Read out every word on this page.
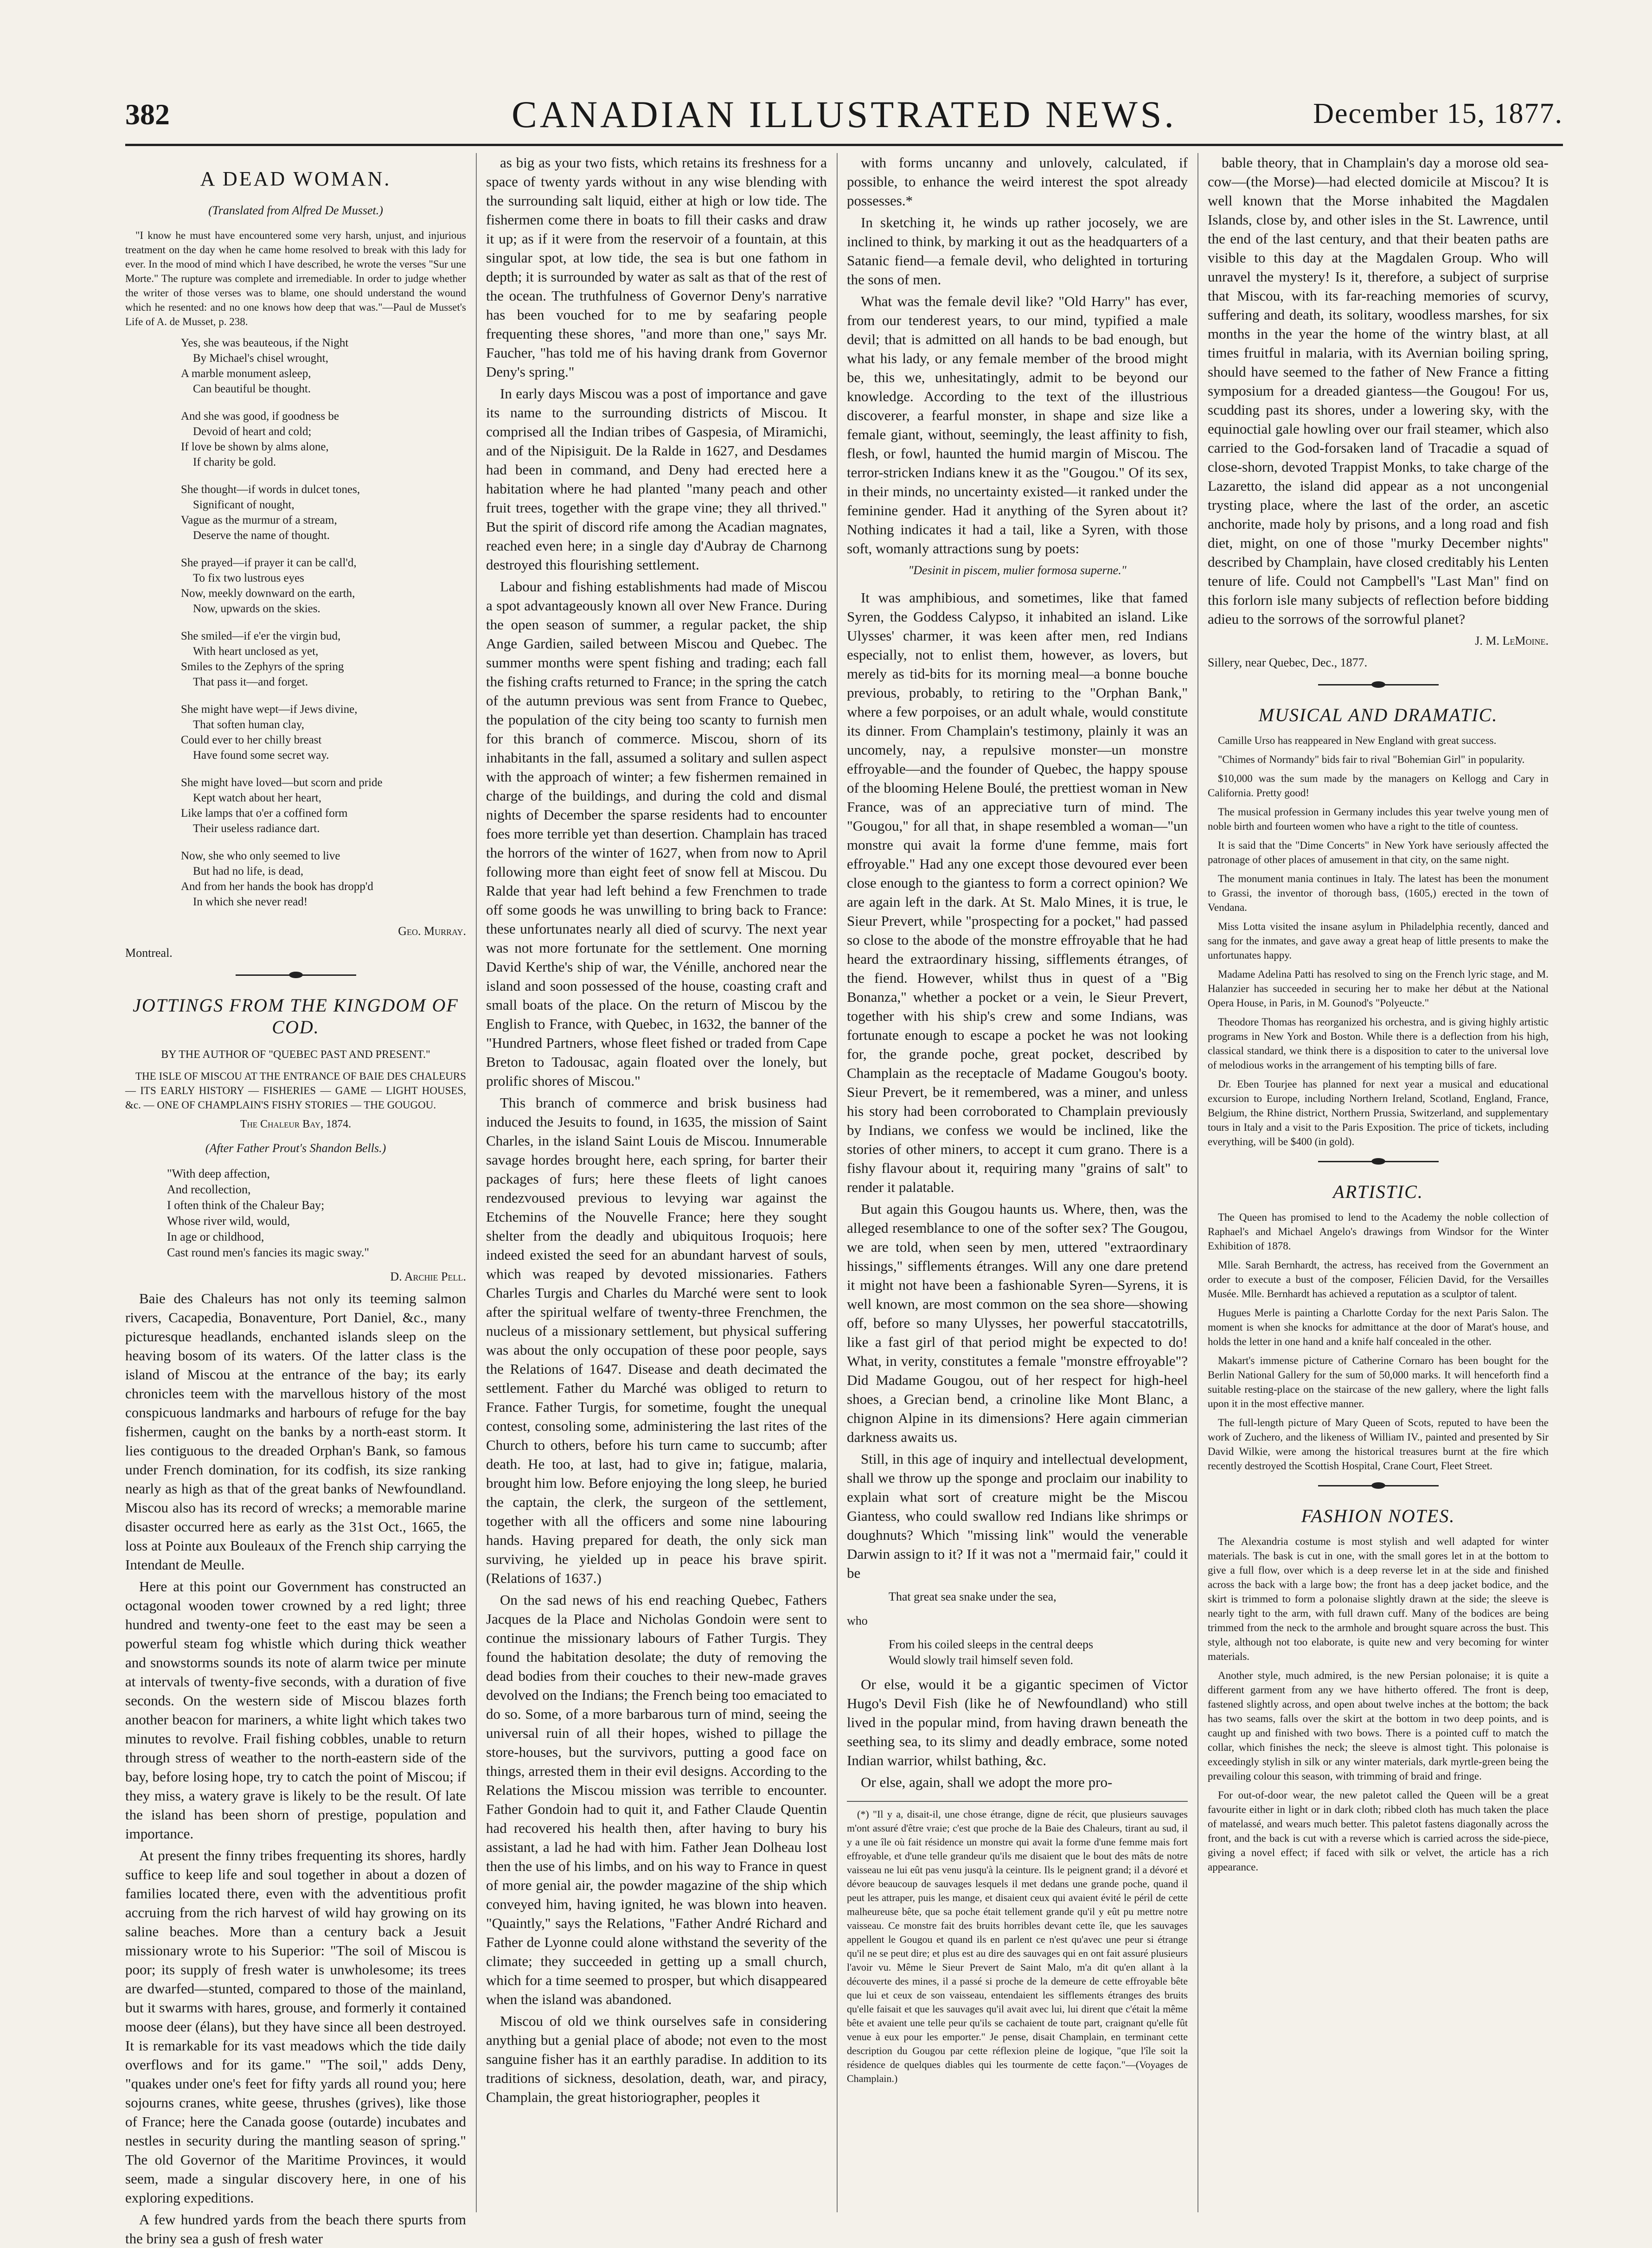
CANADIAN ILLUSTRATED NEWS.
382	December 15, 1877.
A DEAD WOMAN.

(Translated from Alfred De Musset.)

"I know he must have encountered some very harsh, unjust, and injurious treatment on the day when he came home resolved to break with this lady for ever. In the mood of mind which I have described, he wrote the verses "Sur une Morte." The rupture was complete and irremediable. In order to judge whether the writer of those verses was to blame, one should understand the wound which he resented: and no one knows how deep that was."—Paul de Musset's Life of A. de Musset, p. 238.

Yes, she was beauteous, if the Night
By Michael's chisel wrought,
A marble monument asleep,
Can beautiful be thought.
And she was good, if goodness be
Devoid of heart and cold;
If love be shown by alms alone,
If charity be gold.
She thought—if words in dulcet tones,
Significant of nought,
Vague as the murmur of a stream,
Deserve the name of thought.
She prayed—if prayer it can be call'd,
To fix two lustrous eyes
Now, meekly downward on the earth,
Now, upwards on the skies.
She smiled—if e'er the virgin bud,
With heart unclosed as yet,
Smiles to the Zephyrs of the spring
That pass it—and forget.
She might have wept—if Jews divine,
That soften human clay,
Could ever to her chilly breast
Have found some secret way.
She might have loved—but scorn and pride
Kept watch about her heart,
Like lamps that o'er a coffined form
Their useless radiance dart.
Now, she who only seemed to live
But had no life, is dead,
And from her hands the book has dropp'd
In which she never read!

Geo. Murray.

Montreal.

JOTTINGS FROM THE KINGDOM OF COD.

BY THE AUTHOR OF "QUEBEC PAST AND PRESENT."

THE ISLE OF MISCOU AT THE ENTRANCE OF BAIE DES CHALEURS — ITS EARLY HISTORY — FISHERIES — GAME — LIGHT HOUSES, &c. — ONE OF CHAMPLAIN'S FISHY STORIES — THE GOUGOU.

The Chaleur Bay, 1874.

(After Father Prout's Shandon Bells.)

"With deep affection,
And recollection,
I often think of the Chaleur Bay;
Whose river wild, would,
In age or childhood,
Cast round men's fancies its magic sway."

D. Archie Pell.

Baie des Chaleurs has not only its teeming salmon rivers, Cacapedia, Bonaventure, Port Daniel, &c., many picturesque headlands, enchanted islands sleep on the heaving bosom of its waters. Of the latter class is the island of Miscou at the entrance of the bay; its early chronicles teem with the marvellous history of the most conspicuous landmarks and harbours of refuge for the bay fishermen, caught on the banks by a north-east storm. It lies contiguous to the dreaded Orphan's Bank, so famous under French domination, for its codfish, its size ranking nearly as high as that of the great banks of Newfoundland. Miscou also has its record of wrecks; a memorable marine disaster occurred here as early as the 31st Oct., 1665, the loss at Pointe aux Bouleaux of the French ship carrying the Intendant de Meulle.

Here at this point our Government has constructed an octagonal wooden tower crowned by a red light; three hundred and twenty-one feet to the east may be seen a powerful steam fog whistle which during thick weather and snowstorms sounds its note of alarm twice per minute at intervals of twenty-five seconds, with a duration of five seconds. On the western side of Miscou blazes forth another beacon for mariners, a white light which takes two minutes to revolve. Frail fishing cobbles, unable to return through stress of weather to the north-eastern side of the bay, before losing hope, try to catch the point of Miscou; if they miss, a watery grave is likely to be the result. Of late the island has been shorn of prestige, population and importance.

At present the finny tribes frequenting its shores, hardly suffice to keep life and soul together in about a dozen of families located there, even with the adventitious profit accruing from the rich harvest of wild hay growing on its saline beaches. More than a century back a Jesuit missionary wrote to his Superior: "The soil of Miscou is poor; its supply of fresh water is unwholesome; its trees are dwarfed—stunted, compared to those of the mainland, but it swarms with hares, grouse, and formerly it contained moose deer (élans), but they have since all been destroyed. It is remarkable for its vast meadows which the tide daily overflows and for its game." "The soil," adds Deny, "quakes under one's feet for fifty yards all round you; here sojourns cranes, white geese, thrushes (grives), like those of France; here the Canada goose (outarde) incubates and nestles in security during the mantling season of spring." The old Governor of the Maritime Provinces, it would seem, made a singular discovery here, in one of his exploring expeditions.

A few hundred yards from the beach there spurts from the briny sea a gush of fresh water

as big as your two fists, which retains its freshness for a space of twenty yards without in any wise blending with the surrounding salt liquid, either at high or low tide. The fishermen come there in boats to fill their casks and draw it up; as if it were from the reservoir of a fountain, at this singular spot, at low tide, the sea is but one fathom in depth; it is surrounded by water as salt as that of the rest of the ocean. The truthfulness of Governor Deny's narrative has been vouched for to me by seafaring people frequenting these shores, "and more than one," says Mr. Faucher, "has told me of his having drank from Governor Deny's spring."

In early days Miscou was a post of importance and gave its name to the surrounding districts of Miscou. It comprised all the Indian tribes of Gaspesia, of Miramichi, and of the Nipisiguit. De la Ralde in 1627, and Desdames had been in command, and Deny had erected here a habitation where he had planted "many peach and other fruit trees, together with the grape vine; they all thrived." But the spirit of discord rife among the Acadian magnates, reached even here; in a single day d'Aubray de Charnong destroyed this flourishing settlement.

Labour and fishing establishments had made of Miscou a spot advantageously known all over New France. During the open season of summer, a regular packet, the ship Ange Gardien, sailed between Miscou and Quebec. The summer months were spent fishing and trading; each fall the fishing crafts returned to France; in the spring the catch of the autumn previous was sent from France to Quebec, the population of the city being too scanty to furnish men for this branch of commerce. Miscou, shorn of its inhabitants in the fall, assumed a solitary and sullen aspect with the approach of winter; a few fishermen remained in charge of the buildings, and during the cold and dismal nights of December the sparse residents had to encounter foes more terrible yet than desertion. Champlain has traced the horrors of the winter of 1627, when from now to April following more than eight feet of snow fell at Miscou. Du Ralde that year had left behind a few Frenchmen to trade off some goods he was unwilling to bring back to France: these unfortunates nearly all died of scurvy. The next year was not more fortunate for the settlement. One morning David Kerthe's ship of war, the Vénille, anchored near the island and soon possessed of the house, coasting craft and small boats of the place. On the return of Miscou by the English to France, with Quebec, in 1632, the banner of the "Hundred Partners, whose fleet fished or traded from Cape Breton to Tadousac, again floated over the lonely, but prolific shores of Miscou."

This branch of commerce and brisk business had induced the Jesuits to found, in 1635, the mission of Saint Charles, in the island Saint Louis de Miscou. Innumerable savage hordes brought here, each spring, for barter their packages of furs; here these fleets of light canoes rendezvoused previous to levying war against the Etchemins of the Nouvelle France; here they sought shelter from the deadly and ubiquitous Iroquois; here indeed existed the seed for an abundant harvest of souls, which was reaped by devoted missionaries. Fathers Charles Turgis and Charles du Marché were sent to look after the spiritual welfare of twenty-three Frenchmen, the nucleus of a missionary settlement, but physical suffering was about the only occupation of these poor people, says the Relations of 1647. Disease and death decimated the settlement. Father du Marché was obliged to return to France. Father Turgis, for sometime, fought the unequal contest, consoling some, administering the last rites of the Church to others, before his turn came to succumb; after death. He too, at last, had to give in; fatigue, malaria, brought him low. Before enjoying the long sleep, he buried the captain, the clerk, the surgeon of the settlement, together with all the officers and some nine labouring hands. Having prepared for death, the only sick man surviving, he yielded up in peace his brave spirit. (Relations of 1637.)

On the sad news of his end reaching Quebec, Fathers Jacques de la Place and Nicholas Gondoin were sent to continue the missionary labours of Father Turgis. They found the habitation desolate; the duty of removing the dead bodies from their couches to their new-made graves devolved on the Indians; the French being too emaciated to do so. Some, of a more barbarous turn of mind, seeing the universal ruin of all their hopes, wished to pillage the store-houses, but the survivors, putting a good face on things, arrested them in their evil designs. According to the Relations the Miscou mission was terrible to encounter. Father Gondoin had to quit it, and Father Claude Quentin had recovered his health then, after having to bury his assistant, a lad he had with him. Father Jean Dolheau lost then the use of his limbs, and on his way to France in quest of more genial air, the powder magazine of the ship which conveyed him, having ignited, he was blown into heaven. "Quaintly," says the Relations, "Father André Richard and Father de Lyonne could alone withstand the severity of the climate; they succeeded in getting up a small church, which for a time seemed to prosper, but which disappeared when the island was abandoned.

Miscou of old we think ourselves safe in considering anything but a genial place of abode; not even to the most sanguine fisher has it an earthly paradise. In addition to its traditions of sickness, desolation, death, war, and piracy, Champlain, the great historiographer, peoples it

with forms uncanny and unlovely, calculated, if possible, to enhance the weird interest the spot already possesses.*

In sketching it, he winds up rather jocosely, we are inclined to think, by marking it out as the headquarters of a Satanic fiend—a female devil, who delighted in torturing the sons of men.

What was the female devil like? "Old Harry" has ever, from our tenderest years, to our mind, typified a male devil; that is admitted on all hands to be bad enough, but what his lady, or any female member of the brood might be, this we, unhesitatingly, admit to be beyond our knowledge. According to the text of the illustrious discoverer, a fearful monster, in shape and size like a female giant, without, seemingly, the least affinity to fish, flesh, or fowl, haunted the humid margin of Miscou. The terror-stricken Indians knew it as the "Gougou." Of its sex, in their minds, no uncertainty existed—it ranked under the feminine gender. Had it anything of the Syren about it? Nothing indicates it had a tail, like a Syren, with those soft, womanly attractions sung by poets:

"Desinit in piscem, mulier formosa superne."

It was amphibious, and sometimes, like that famed Syren, the Goddess Calypso, it inhabited an island. Like Ulysses' charmer, it was keen after men, red Indians especially, not to enlist them, however, as lovers, but merely as tid-bits for its morning meal—a bonne bouche previous, probably, to retiring to the "Orphan Bank," where a few porpoises, or an adult whale, would constitute its dinner. From Champlain's testimony, plainly it was an uncomely, nay, a repulsive monster—un monstre effroyable—and the founder of Quebec, the happy spouse of the blooming Helene Boulé, the prettiest woman in New France, was of an appreciative turn of mind. The "Gougou," for all that, in shape resembled a woman—"un monstre qui avait la forme d'une femme, mais fort effroyable." Had any one except those devoured ever been close enough to the giantess to form a correct opinion? We are again left in the dark. At St. Malo Mines, it is true, le Sieur Prevert, while "prospecting for a pocket," had passed so close to the abode of the monstre effroyable that he had heard the extraordinary hissing, sifflements étranges, of the fiend. However, whilst thus in quest of a "Big Bonanza," whether a pocket or a vein, le Sieur Prevert, together with his ship's crew and some Indians, was fortunate enough to escape a pocket he was not looking for, the grande poche, great pocket, described by Champlain as the receptacle of Madame Gougou's booty. Sieur Prevert, be it remembered, was a miner, and unless his story had been corroborated to Champlain previously by Indians, we confess we would be inclined, like the stories of other miners, to accept it cum grano. There is a fishy flavour about it, requiring many "grains of salt" to render it palatable.

But again this Gougou haunts us. Where, then, was the alleged resemblance to one of the softer sex? The Gougou, we are told, when seen by men, uttered "extraordinary hissings," sifflements étranges. Will any one dare pretend it might not have been a fashionable Syren—Syrens, it is well known, are most common on the sea shore—showing off, before so many Ulysses, her powerful staccatotrills, like a fast girl of that period might be expected to do! What, in verity, constitutes a female "monstre effroyable"? Did Madame Gougou, out of her respect for high-heel shoes, a Grecian bend, a crinoline like Mont Blanc, a chignon Alpine in its dimensions? Here again cimmerian darkness awaits us.

Still, in this age of inquiry and intellectual development, shall we throw up the sponge and proclaim our inability to explain what sort of creature might be the Miscou Giantess, who could swallow red Indians like shrimps or doughnuts? Which "missing link" would the venerable Darwin assign to it? If it was not a "mermaid fair," could it be

That great sea snake under the sea,

who

From his coiled sleeps in the central deeps
Would slowly trail himself seven fold.

Or else, would it be a gigantic specimen of Victor Hugo's Devil Fish (like he of Newfoundland) who still lived in the popular mind, from having drawn beneath the seething sea, to its slimy and deadly embrace, some noted Indian warrior, whilst bathing, &c.

Or else, again, shall we adopt the more pro-

(*) "Il y a, disait-il, une chose étrange, digne de récit, que plusieurs sauvages m'ont assuré d'être vraie; c'est que proche de la Baie des Chaleurs, tirant au sud, il y a une île où fait résidence un monstre qui avait la forme d'une femme mais fort effroyable, et d'une telle grandeur qu'ils me disaient que le bout des mâts de notre vaisseau ne lui eût pas venu jusqu'à la ceinture. Ils le peignent grand; il a dévoré et dévore beaucoup de sauvages lesquels il met dedans une grande poche, quand il peut les attraper, puis les mange, et disaient ceux qui avaient évité le péril de cette malheureuse bête, que sa poche était tellement grande qu'il y eût pu mettre notre vaisseau. Ce monstre fait des bruits horribles devant cette île, que les sauvages appellent le Gougou et quand ils en parlent ce n'est qu'avec une peur si étrange qu'il ne se peut dire; et plus est au dire des sauvages qui en ont fait assuré plusieurs l'avoir vu. Même le Sieur Prevert de Saint Malo, m'a dit qu'en allant à la découverte des mines, il a passé si proche de la demeure de cette effroyable bête que lui et ceux de son vaisseau, entendaient les sifflements étranges des bruits qu'elle faisait et que les sauvages qu'il avait avec lui, lui dirent que c'était la même bête et avaient une telle peur qu'ils se cachaient de toute part, craignant qu'elle fût venue à eux pour les emporter." Je pense, disait Champlain, en terminant cette description du Gougou par cette réflexion pleine de logique, "que l'île soit la résidence de quelques diables qui les tourmente de cette façon."—(Voyages de Champlain.)

bable theory, that in Champlain's day a morose old sea-cow—(the Morse)—had elected domicile at Miscou? It is well known that the Morse inhabited the Magdalen Islands, close by, and other isles in the St. Lawrence, until the end of the last century, and that their beaten paths are visible to this day at the Magdalen Group. Who will unravel the mystery! Is it, therefore, a subject of surprise that Miscou, with its far-reaching memories of scurvy, suffering and death, its solitary, woodless marshes, for six months in the year the home of the wintry blast, at all times fruitful in malaria, with its Avernian boiling spring, should have seemed to the father of New France a fitting symposium for a dreaded giantess—the Gougou! For us, scudding past its shores, under a lowering sky, with the equinoctial gale howling over our frail steamer, which also carried to the God-forsaken land of Tracadie a squad of close-shorn, devoted Trappist Monks, to take charge of the Lazaretto, the island did appear as a not uncongenial trysting place, where the last of the order, an ascetic anchorite, made holy by prisons, and a long road and fish diet, might, on one of those "murky December nights" described by Champlain, have closed creditably his Lenten tenure of life. Could not Campbell's "Last Man" find on this forlorn isle many subjects of reflection before bidding adieu to the sorrows of the sorrowful planet?

J. M. LeMoine.

Sillery, near Quebec, Dec., 1877.

MUSICAL AND DRAMATIC.

Camille Urso has reappeared in New England with great success.

"Chimes of Normandy" bids fair to rival "Bohemian Girl" in popularity.

$10,000 was the sum made by the managers on Kellogg and Cary in California. Pretty good!

The musical profession in Germany includes this year twelve young men of noble birth and fourteen women who have a right to the title of countess.

It is said that the "Dime Concerts" in New York have seriously affected the patronage of other places of amusement in that city, on the same night.

The monument mania continues in Italy. The latest has been the monument to Grassi, the inventor of thorough bass, (1605,) erected in the town of Vendana.

Miss Lotta visited the insane asylum in Philadelphia recently, danced and sang for the inmates, and gave away a great heap of little presents to make the unfortunates happy.

Madame Adelina Patti has resolved to sing on the French lyric stage, and M. Halanzier has succeeded in securing her to make her début at the National Opera House, in Paris, in M. Gounod's "Polyeucte."

Theodore Thomas has reorganized his orchestra, and is giving highly artistic programs in New York and Boston. While there is a deflection from his high, classical standard, we think there is a disposition to cater to the universal love of melodious works in the arrangement of his tempting bills of fare.

Dr. Eben Tourjee has planned for next year a musical and educational excursion to Europe, including Northern Ireland, Scotland, England, France, Belgium, the Rhine district, Northern Prussia, Switzerland, and supplementary tours in Italy and a visit to the Paris Exposition. The price of tickets, including everything, will be $400 (in gold).

ARTISTIC.

The Queen has promised to lend to the Academy the noble collection of Raphael's and Michael Angelo's drawings from Windsor for the Winter Exhibition of 1878.

Mlle. Sarah Bernhardt, the actress, has received from the Government an order to execute a bust of the composer, Félicien David, for the Versailles Musée. Mlle. Bernhardt has achieved a reputation as a sculptor of talent.

Hugues Merle is painting a Charlotte Corday for the next Paris Salon. The moment is when she knocks for admittance at the door of Marat's house, and holds the letter in one hand and a knife half concealed in the other.

Makart's immense picture of Catherine Cornaro has been bought for the Berlin National Gallery for the sum of 50,000 marks. It will henceforth find a suitable resting-place on the staircase of the new gallery, where the light falls upon it in the most effective manner.

The full-length picture of Mary Queen of Scots, reputed to have been the work of Zuchero, and the likeness of William IV., painted and presented by Sir David Wilkie, were among the historical treasures burnt at the fire which recently destroyed the Scottish Hospital, Crane Court, Fleet Street.

FASHION NOTES.

The Alexandria costume is most stylish and well adapted for winter materials. The bask is cut in one, with the small gores let in at the bottom to give a full flow, over which is a deep reverse let in at the side and finished across the back with a large bow; the front has a deep jacket bodice, and the skirt is trimmed to form a polonaise slightly drawn at the side; the sleeve is nearly tight to the arm, with full drawn cuff. Many of the bodices are being trimmed from the neck to the armhole and brought square across the bust. This style, although not too elaborate, is quite new and very becoming for winter materials.

Another style, much admired, is the new Persian polonaise; it is quite a different garment from any we have hitherto offered. The front is deep, fastened slightly across, and open about twelve inches at the bottom; the back has two seams, falls over the skirt at the bottom in two deep points, and is caught up and finished with two bows. There is a pointed cuff to match the collar, which finishes the neck; the sleeve is almost tight. This polonaise is exceedingly stylish in silk or any winter materials, dark myrtle-green being the prevailing colour this season, with trimming of braid and fringe.

For out-of-door wear, the new paletot called the Queen will be a great favourite either in light or in dark cloth; ribbed cloth has much taken the place of matelassé, and wears much better. This paletot fastens diagonally across the front, and the back is cut with a reverse which is carried across the side-piece, giving a novel effect; if faced with silk or velvet, the article has a rich appearance.
